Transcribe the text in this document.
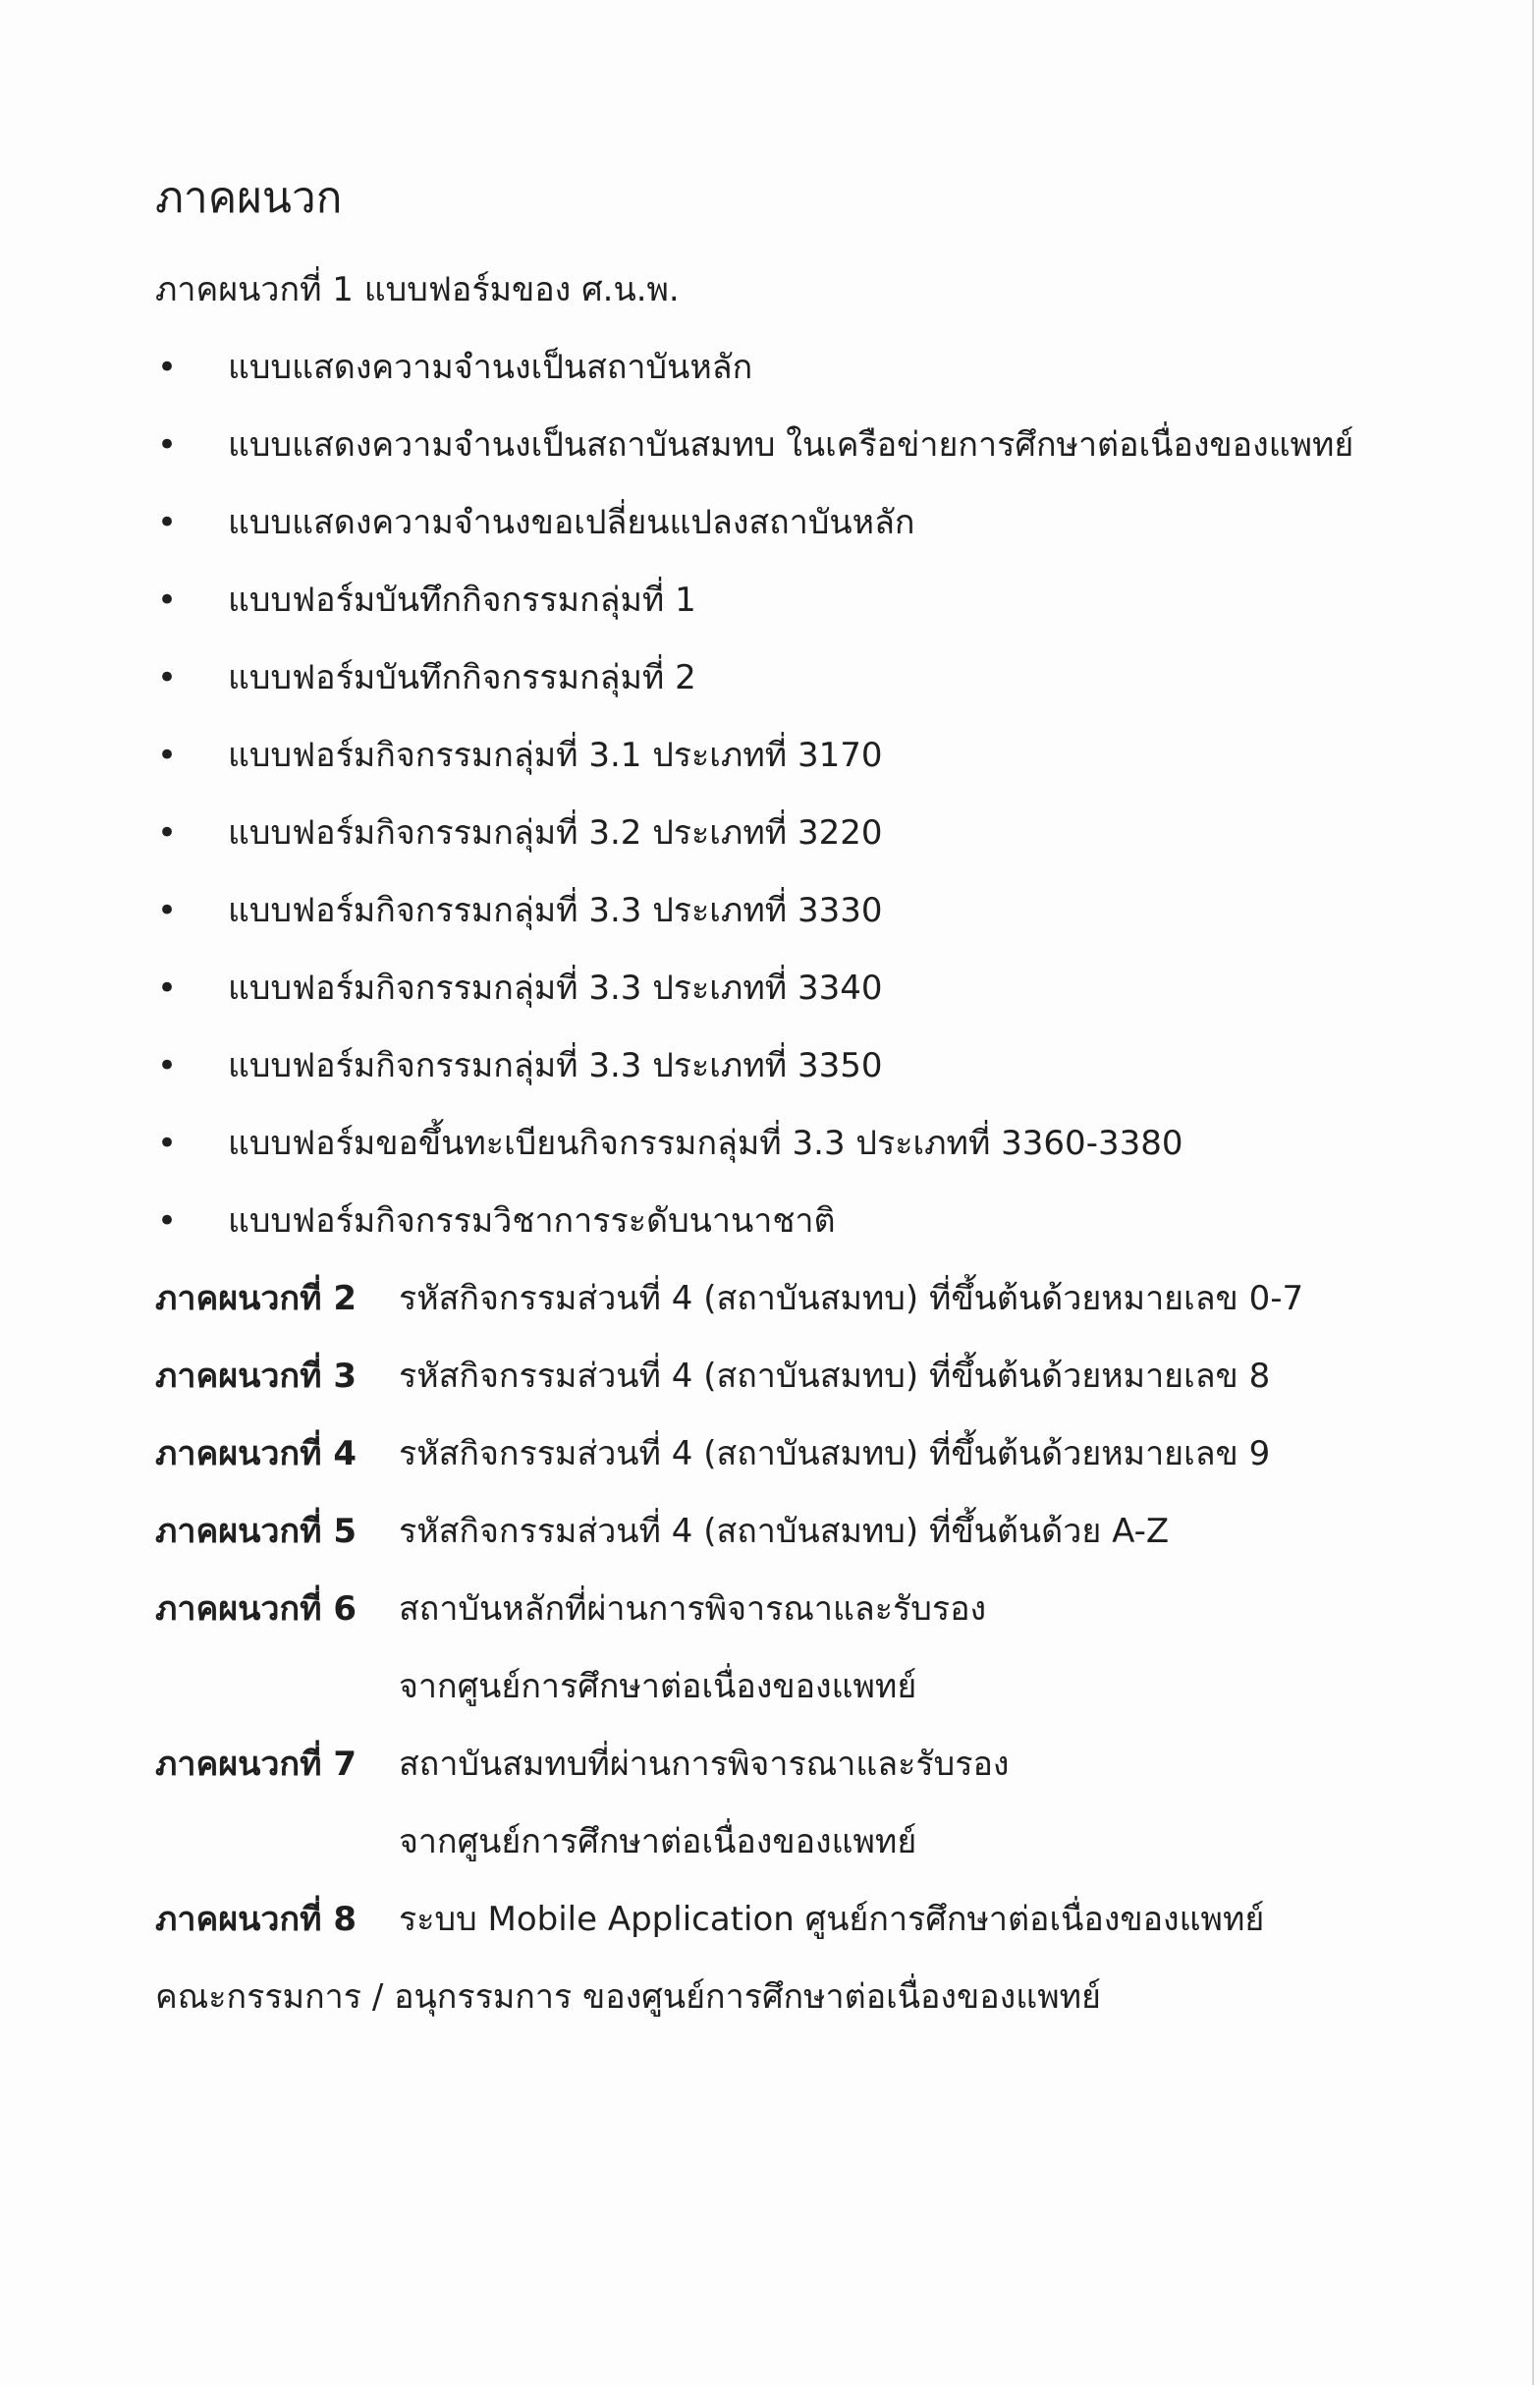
ภาคผนวก
ภาคผนวกที่ 1 แบบฟอร์มของ ศ.น.พ.
• แบบแสดงความจำนงเป็นสถาบันหลัก
• แบบแสดงความจำนงเป็นสถาบันสมทบ ในเครือข่ายการศึกษาต่อเนื่องของแพทย์
• แบบแสดงความจำนงขอเปลี่ยนแปลงสถาบันหลัก
• แบบฟอร์มบันทึกกิจกรรมกลุ่มที่ 1
• แบบฟอร์มบันทึกกิจกรรมกลุ่มที่ 2
• แบบฟอร์มกิจกรรมกลุ่มที่ 3.1 ประเภทที่ 3170
• แบบฟอร์มกิจกรรมกลุ่มที่ 3.2 ประเภทที่ 3220
• แบบฟอร์มกิจกรรมกลุ่มที่ 3.3 ประเภทที่ 3330
• แบบฟอร์มกิจกรรมกลุ่มที่ 3.3 ประเภทที่ 3340
• แบบฟอร์มกิจกรรมกลุ่มที่ 3.3 ประเภทที่ 3350
• แบบฟอร์มขอขึ้นทะเบียนกิจกรรมกลุ่มที่ 3.3 ประเภทที่ 3360-3380
• แบบฟอร์มกิจกรรมวิชาการระดับนานาชาติ
ภาคผนวกที่ 2 รหัสกิจกรรมส่วนที่ 4 (สถาบันสมทบ) ที่ขึ้นต้นด้วยหมายเลข 0-7
ภาคผนวกที่ 3 รหัสกิจกรรมส่วนที่ 4 (สถาบันสมทบ) ที่ขึ้นต้นด้วยหมายเลข 8
ภาคผนวกที่ 4 รหัสกิจกรรมส่วนที่ 4 (สถาบันสมทบ) ที่ขึ้นต้นด้วยหมายเลข 9
ภาคผนวกที่ 5 รหัสกิจกรรมส่วนที่ 4 (สถาบันสมทบ) ที่ขึ้นต้นด้วย A-Z
ภาคผนวกที่ 6 สถาบันหลักที่ผ่านการพิจารณาและรับรอง
จากศูนย์การศึกษาต่อเนื่องของแพทย์
ภาคผนวกที่ 7 สถาบันสมทบที่ผ่านการพิจารณาและรับรอง
จากศูนย์การศึกษาต่อเนื่องของแพทย์
ภาคผนวกที่ 8 ระบบ Mobile Application ศูนย์การศึกษาต่อเนื่องของแพทย์
คณะกรรมการ / อนุกรรมการ ของศูนย์การศึกษาต่อเนื่องของแพทย์
